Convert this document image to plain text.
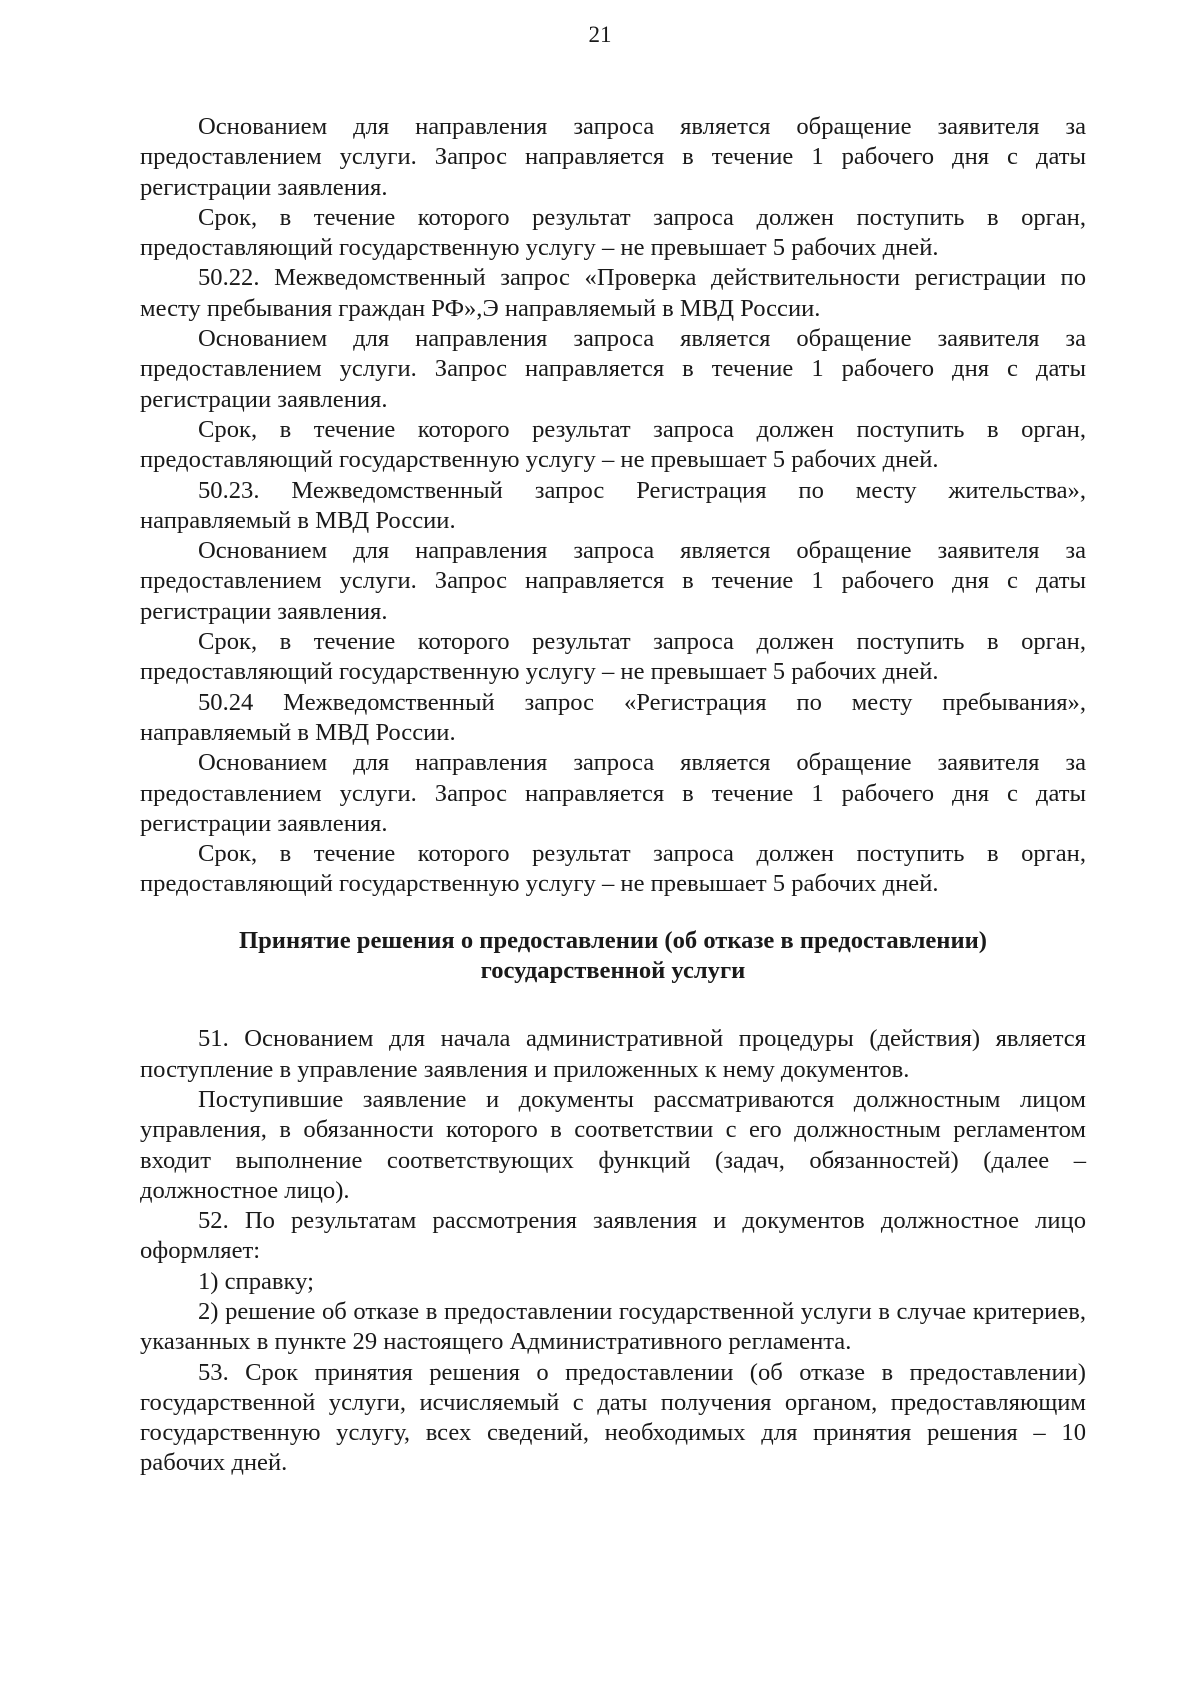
21

Основанием для направления запроса является обращение заявителя за предоставлением услуги. Запрос направляется в течение 1 рабочего дня с даты регистрации заявления.

Срок, в течение которого результат запроса должен поступить в орган, предоставляющий государственную услугу – не превышает 5 рабочих дней.

50.22. Межведомственный запрос «Проверка действительности регистрации по месту пребывания граждан РФ»,Э направляемый в МВД России.

Основанием для направления запроса является обращение заявителя за предоставлением услуги. Запрос направляется в течение 1 рабочего дня с даты регистрации заявления.

Срок, в течение которого результат запроса должен поступить в орган, предоставляющий государственную услугу – не превышает 5 рабочих дней.

50.23. Межведомственный запрос Регистрация по месту жительства», направляемый в МВД России.

Основанием для направления запроса является обращение заявителя за предоставлением услуги. Запрос направляется в течение 1 рабочего дня с даты регистрации заявления.

Срок, в течение которого результат запроса должен поступить в орган, предоставляющий государственную услугу – не превышает 5 рабочих дней.

50.24 Межведомственный запрос «Регистрация по месту пребывания», направляемый в МВД России.

Основанием для направления запроса является обращение заявителя за предоставлением услуги. Запрос направляется в течение 1 рабочего дня с даты регистрации заявления.

Срок, в течение которого результат запроса должен поступить в орган, предоставляющий государственную услугу – не превышает 5 рабочих дней.

Принятие решения о предоставлении (об отказе в предоставлении)
государственной услуги

51. Основанием для начала административной процедуры (действия) является поступление в управление заявления и приложенных к нему документов.

Поступившие заявление и документы рассматриваются должностным лицом управления, в обязанности которого в соответствии с его должностным регламентом входит выполнение соответствующих функций (задач, обязанностей) (далее – должностное лицо).

52. По результатам рассмотрения заявления и документов должностное лицо оформляет:

1) справку;

2) решение об отказе в предоставлении государственной услуги в случае критериев, указанных в пункте 29 настоящего Административного регламента.

53. Срок принятия решения о предоставлении (об отказе в предоставлении) государственной услуги, исчисляемый с даты получения органом, предоставляющим государственную услугу, всех сведений, необходимых для принятия решения – 10 рабочих дней.
